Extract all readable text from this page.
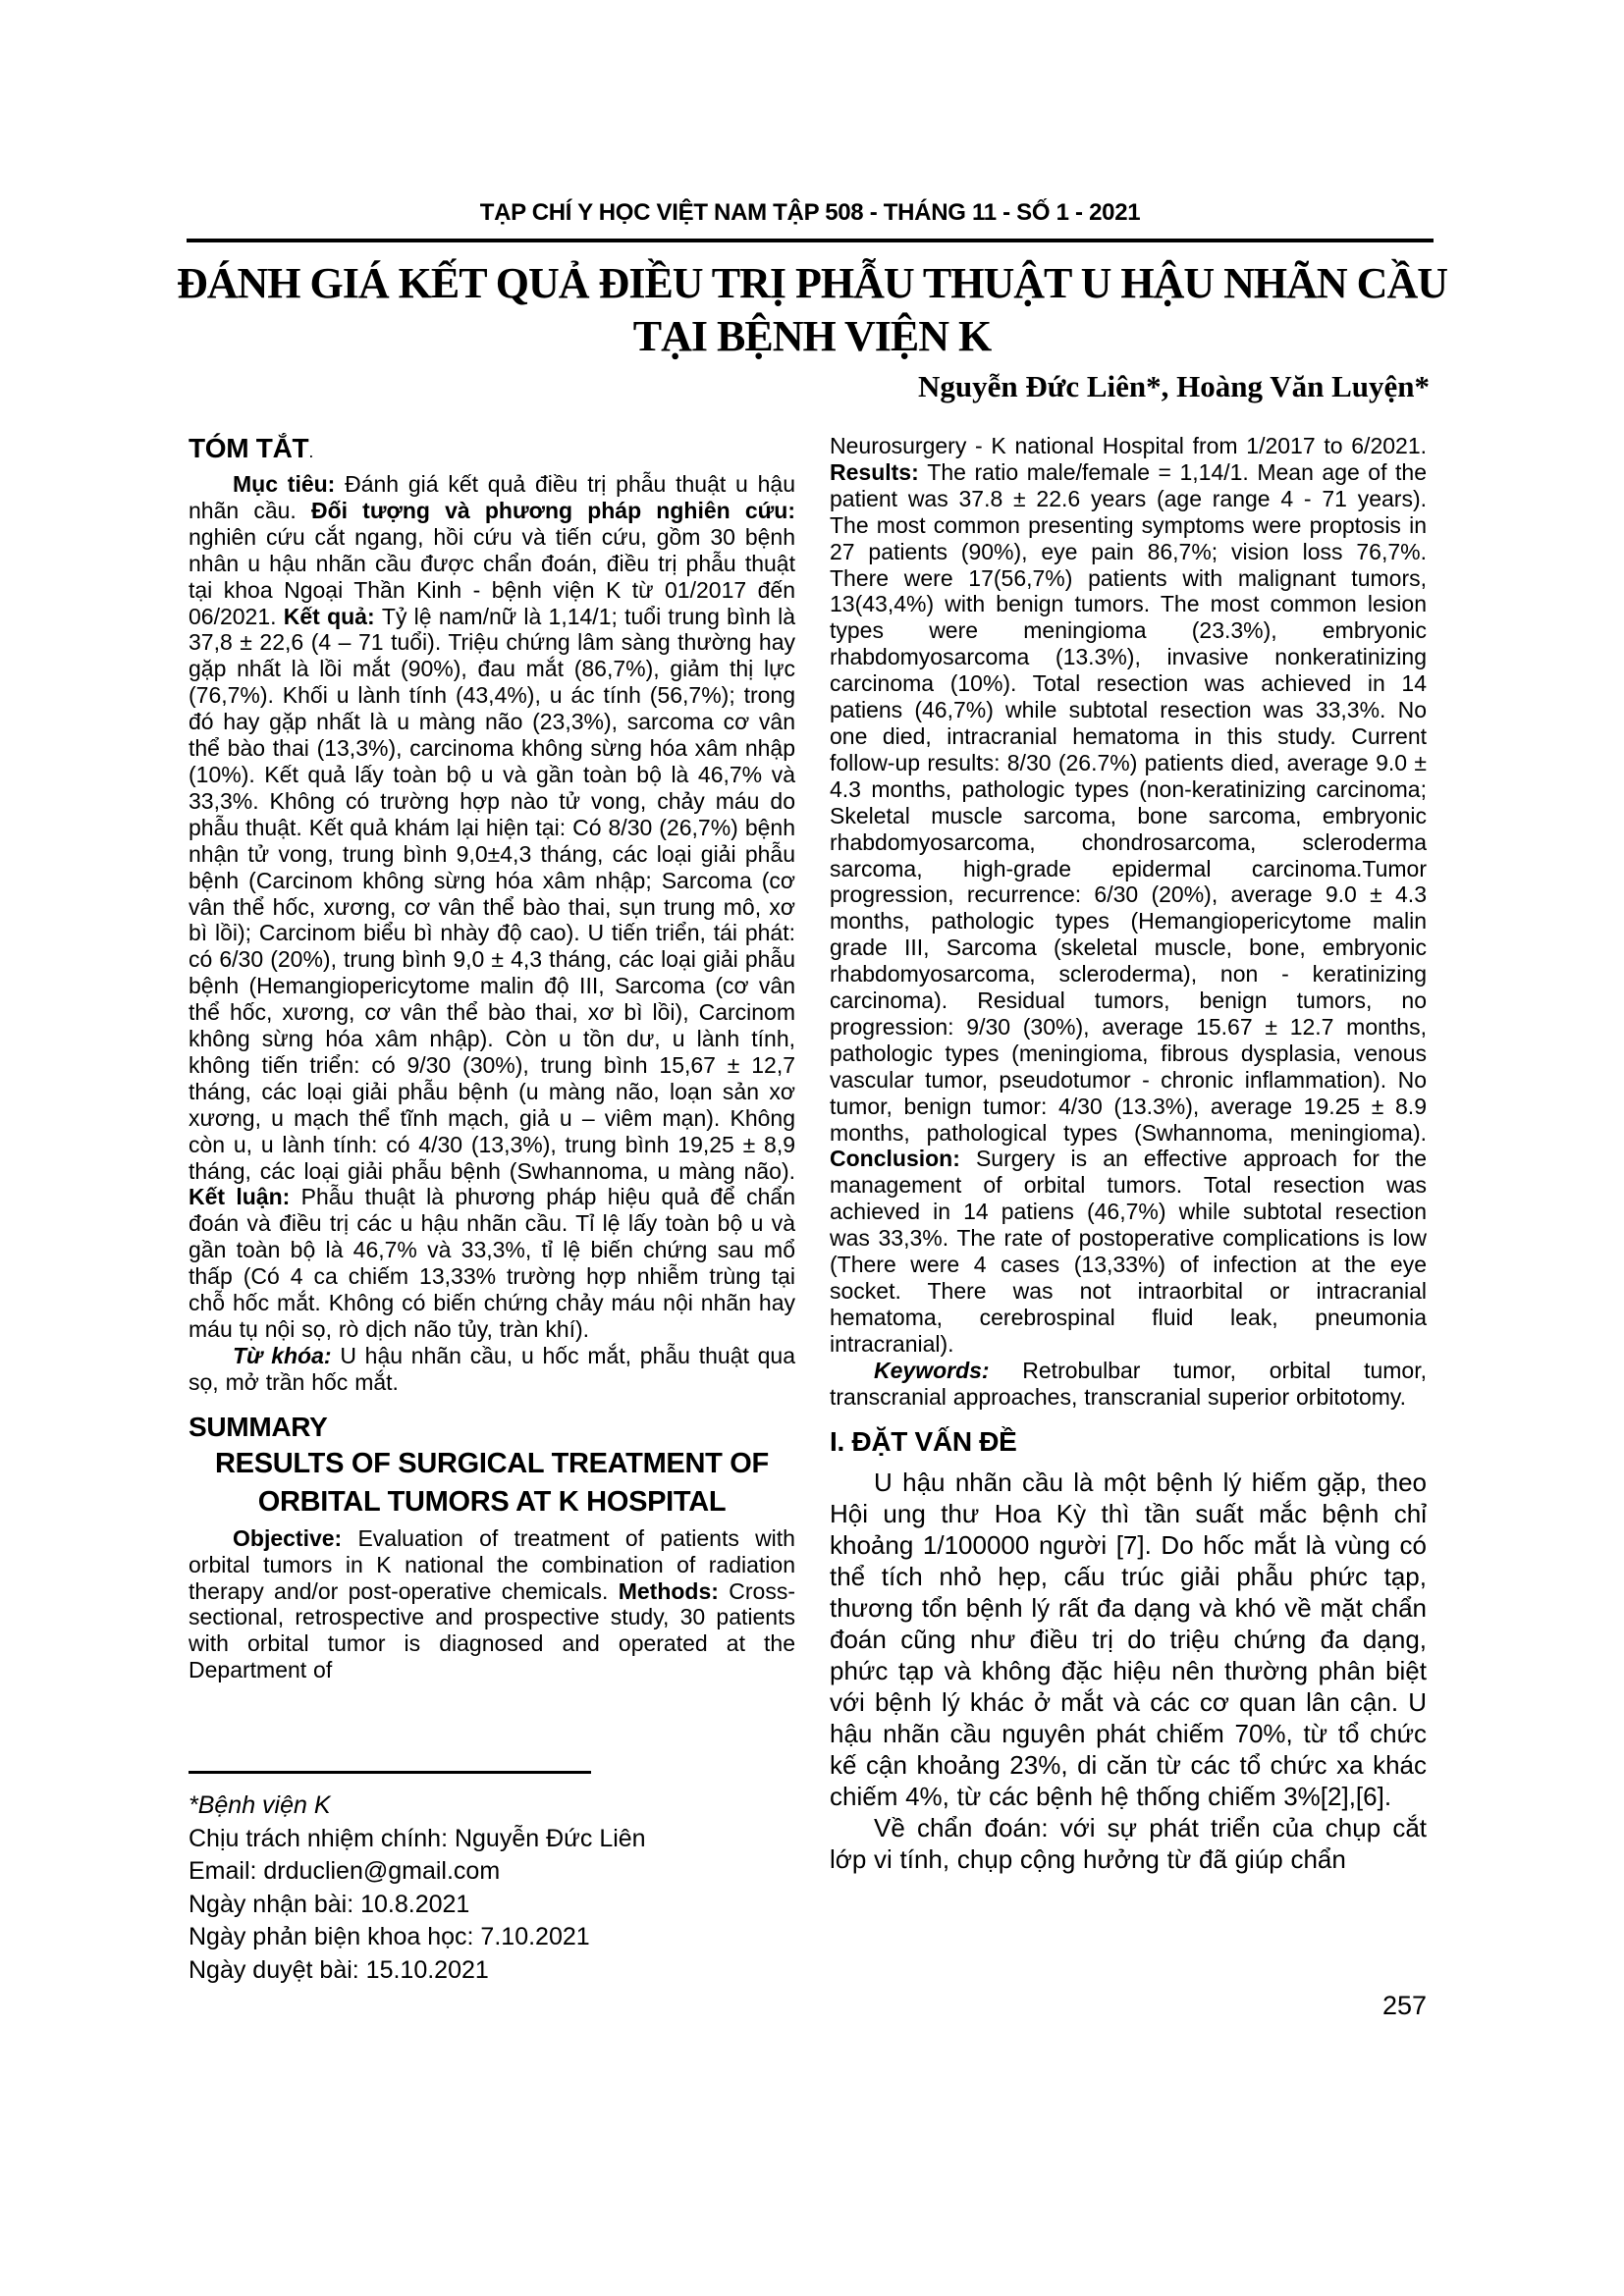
TẠP CHÍ Y HỌC VIỆT NAM TẬP 508 - THÁNG 11 - SỐ 1 - 2021
ĐÁNH GIÁ KẾT QUẢ ĐIỀU TRỊ PHẪU THUẬT U HẬU NHÃN CẦU
TẠI BỆNH VIỆN K
Nguyễn Đức Liên*, Hoàng Văn Luyện*
TÓM TẮT.

Mục tiêu: Đánh giá kết quả điều trị phẫu thuật u hậu nhãn cầu. Đối tượng và phương pháp nghiên cứu: nghiên cứu cắt ngang, hồi cứu và tiến cứu, gồm 30 bệnh nhân u hậu nhãn cầu được chẩn đoán, điều trị phẫu thuật tại khoa Ngoại Thần Kinh - bệnh viện K từ 01/2017 đến 06/2021. Kết quả: Tỷ lệ nam/nữ là 1,14/1; tuổi trung bình là 37,8 ± 22,6 (4 – 71 tuổi). Triệu chứng lâm sàng thường hay gặp nhất là lồi mắt (90%), đau mắt (86,7%), giảm thị lực (76,7%). Khối u lành tính (43,4%), u ác tính (56,7%); trong đó hay gặp nhất là u màng não (23,3%), sarcoma cơ vân thể bào thai (13,3%), carcinoma không sừng hóa xâm nhập (10%). Kết quả lấy toàn bộ u và gần toàn bộ là 46,7% và 33,3%. Không có trường hợp nào tử vong, chảy máu do phẫu thuật. Kết quả khám lại hiện tại: Có 8/30 (26,7%) bệnh nhận tử vong, trung bình 9,0±4,3 tháng, các loại giải phẫu bệnh (Carcinom không sừng hóa xâm nhập; Sarcoma (cơ vân thể hốc, xương, cơ vân thể bào thai, sụn trung mô, xơ bì lồi); Carcinom biểu bì nhày độ cao). U tiến triển, tái phát: có 6/30 (20%), trung bình 9,0 ± 4,3 tháng, các loại giải phẫu bệnh (Hemangiopericytome malin độ III, Sarcoma (cơ vân thể hốc, xương, cơ vân thể bào thai, xơ bì lồi), Carcinom không sừng hóa xâm nhập). Còn u tồn dư, u lành tính, không tiến triển: có 9/30 (30%), trung bình 15,67 ± 12,7 tháng, các loại giải phẫu bệnh (u màng não, loạn sản xơ xương, u mạch thể tĩnh mạch, giả u – viêm mạn). Không còn u, u lành tính: có 4/30 (13,3%), trung bình 19,25 ± 8,9 tháng, các loại giải phẫu bệnh (Swhannoma, u màng não). Kết luận: Phẫu thuật là phương pháp hiệu quả để chẩn đoán và điều trị các u hậu nhãn cầu. Tỉ lệ lấy toàn bộ u và gần toàn bộ là 46,7% và 33,3%, tỉ lệ biến chứng sau mổ thấp (Có 4 ca chiếm 13,33% trường hợp nhiễm trùng tại chỗ hốc mắt. Không có biến chứng chảy máu nội nhãn hay máu tụ nội sọ, rò dịch não tủy, tràn khí).

Từ khóa: U hậu nhãn cầu, u hốc mắt, phẫu thuật qua sọ, mở trần hốc mắt.

SUMMARY
RESULTS OF SURGICAL TREATMENT OF
ORBITAL TUMORS AT K HOSPITAL

Objective: Evaluation of treatment of patients with orbital tumors in K national the combination of radiation therapy and/or post-operative chemicals. Methods: Cross-sectional, retrospective and prospective study, 30 patients with orbital tumor is diagnosed and operated at the Department of

*Bệnh viện K
Chịu trách nhiệm chính: Nguyễn Đức Liên
Email: drduclien@gmail.com
Ngày nhận bài: 10.8.2021
Ngày phản biện khoa học: 7.10.2021
Ngày duyệt bài: 15.10.2021

Neurosurgery - K national Hospital from 1/2017 to 6/2021. Results: The ratio male/female = 1,14/1. Mean age of the patient was 37.8 ± 22.6 years (age range 4 - 71 years). The most common presenting symptoms were proptosis in 27 patients (90%), eye pain 86,7%; vision loss 76,7%. There were 17(56,7%) patients with malignant tumors, 13(43,4%) with benign tumors. The most common lesion types were meningioma (23.3%), embryonic rhabdomyosarcoma (13.3%), invasive nonkeratinizing carcinoma (10%). Total resection was achieved in 14 patiens (46,7%) while subtotal resection was 33,3%. No one died, intracranial hematoma in this study. Current follow-up results: 8/30 (26.7%) patients died, average 9.0 ± 4.3 months, pathologic types (non-keratinizing carcinoma; Skeletal muscle sarcoma, bone sarcoma, embryonic rhabdomyosarcoma, chondrosarcoma, scleroderma sarcoma, high-grade epidermal carcinoma.Tumor progression, recurrence: 6/30 (20%), average 9.0 ± 4.3 months, pathologic types (Hemangiopericytome malin grade III, Sarcoma (skeletal muscle, bone, embryonic rhabdomyosarcoma, scleroderma), non - keratinizing carcinoma). Residual tumors, benign tumors, no progression: 9/30 (30%), average 15.67 ± 12.7 months, pathologic types (meningioma, fibrous dysplasia, venous vascular tumor, pseudotumor - chronic inflammation). No tumor, benign tumor: 4/30 (13.3%), average 19.25 ± 8.9 months, pathological types (Swhannoma, meningioma). Conclusion: Surgery is an effective approach for the management of orbital tumors. Total resection was achieved in 14 patiens (46,7%) while subtotal resection was 33,3%. The rate of postoperative complications is low (There were 4 cases (13,33%) of infection at the eye socket. There was not intraorbital or intracranial hematoma, cerebrospinal fluid leak, pneumonia intracranial).

Keywords: Retrobulbar tumor, orbital tumor, transcranial approaches, transcranial superior orbitotomy.

I. ĐẶT VẤN ĐỀ

U hậu nhãn cầu là một bệnh lý hiếm gặp, theo Hội ung thư Hoa Kỳ thì tần suất mắc bệnh chỉ khoảng 1/100000 người [7]. Do hốc mắt là vùng có thể tích nhỏ hẹp, cấu trúc giải phẫu phức tạp, thương tổn bệnh lý rất đa dạng và khó về mặt chẩn đoán cũng như điều trị do triệu chứng đa dạng, phức tạp và không đặc hiệu nên thường phân biệt với bệnh lý khác ở mắt và các cơ quan lân cận. U hậu nhãn cầu nguyên phát chiếm 70%, từ tổ chức kế cận khoảng 23%, di căn từ các tổ chức xa khác chiếm 4%, từ các bệnh hệ thống chiếm 3%[2],[6].

Về chẩn đoán: với sự phát triển của chụp cắt lớp vi tính, chụp cộng hưởng từ đã giúp chẩn

257
